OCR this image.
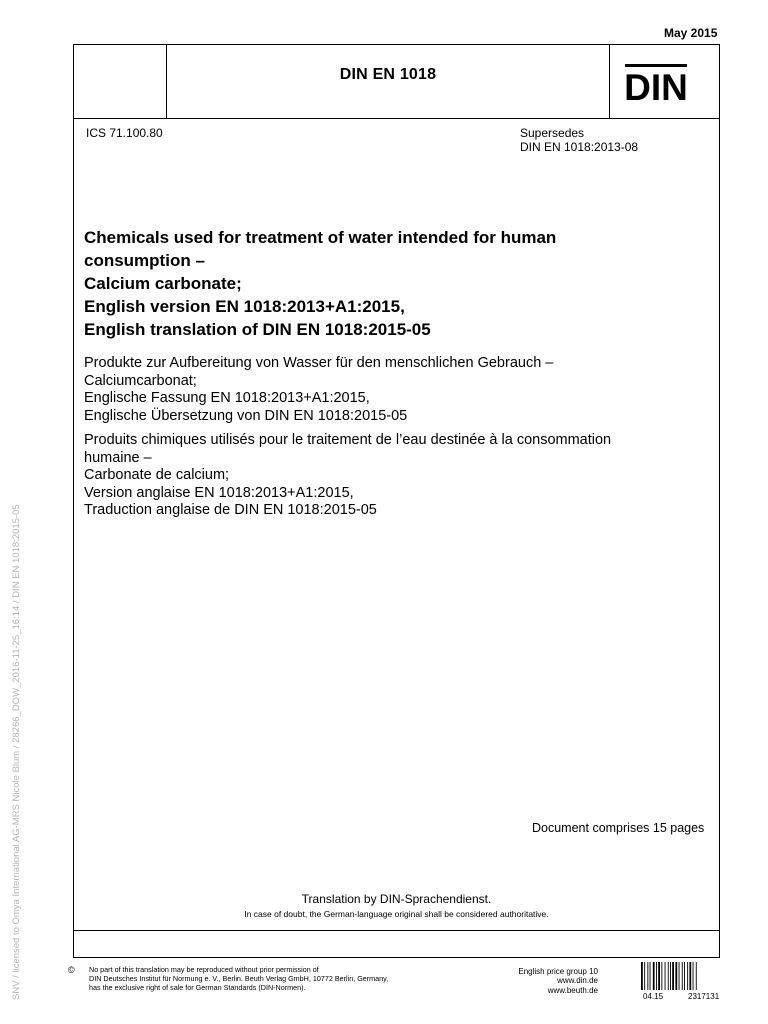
May 2015
DIN EN 1018	DIN
ICS 71.100.80	Supersedes
DIN EN 1018:2013-08
Chemicals used for treatment of water intended for human
consumption –
Calcium carbonate;
English version EN 1018:2013+A1:2015,
English translation of DIN EN 1018:2015-05
Produkte zur Aufbereitung von Wasser für den menschlichen Gebrauch –
Calciumcarbonat;
Englische Fassung EN 1018:2013+A1:2015,
Englische Übersetzung von DIN EN 1018:2015-05
Produits chimiques utilisés pour le traitement de l’eau destinée à la consommation
humaine –
Carbonate de calcium;
Version anglaise EN 1018:2013+A1:2015,
Traduction anglaise de DIN EN 1018:2015-05
Document comprises 15 pages
Translation by DIN-Sprachendienst.
In case of doubt, the German-language original shall be considered authoritative.
© No part of this translation may be reproduced without prior permission of
DIN Deutsches Institut für Normung e. V., Berlin. Beuth Verlag GmbH, 10772 Berlin, Germany,
has the exclusive right of sale for German Standards (DIN-Normen).
English price group 10
www.din.de
www.beuth.de
04.15	2317131
SNV / licensed to Omya International AG-MRS Nicole Blum / 28266_DOW_2016-11-25_16:14 / DIN EN 1018:2015-05
